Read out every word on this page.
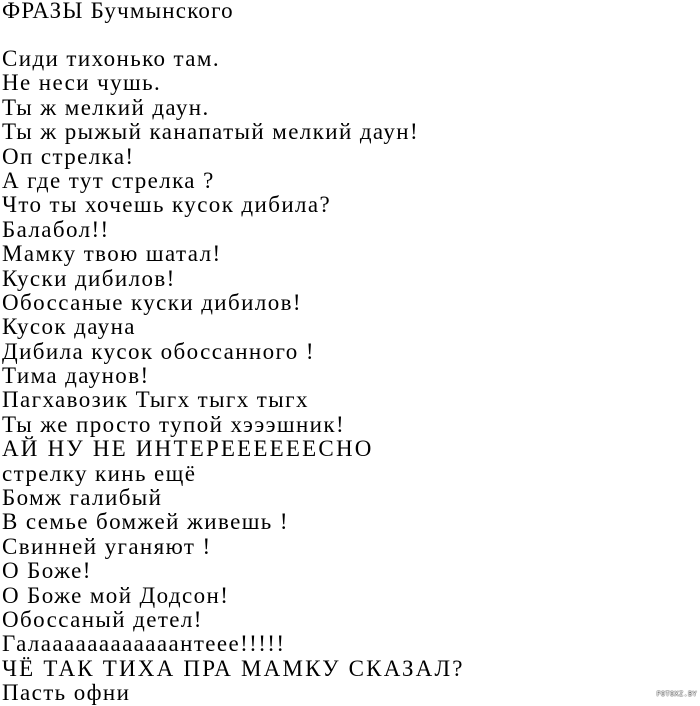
ФРАЗЫ Бучмынского
Сиди тихонько там.
Не неси чушь.
Ты ж мелкий даун.
Ты ж рыжый канапатый мелкий даун!
Оп стрелка!
А где тут стрелка ?
Что ты хочешь кусок дибила?
Балабол!!
Мамку твою шатал!
Куски дибилов!
Обоссаные куски дибилов!
Кусок дауна
Дибила кусок обоссанного !
Тима даунов!
Пагхавозик Тыгх тыгх тыгх
Ты же просто тупой хэээшник!
АЙ НУ НЕ ИНТЕРЕЕЕЕЕЕСНО
стрелку кинь ещё
Бомж галибый
В семье бомжей живешь !
Свинней уганяют !
О Боже!
О Боже мой Додсон!
Обоссаный детел!
Галаааааааааааантеее!!!!!
ЧЁ ТАК ТИХА ПРА МАМКУ СКАЗАЛ?
Пасть офни	FOTOXZ.BY
